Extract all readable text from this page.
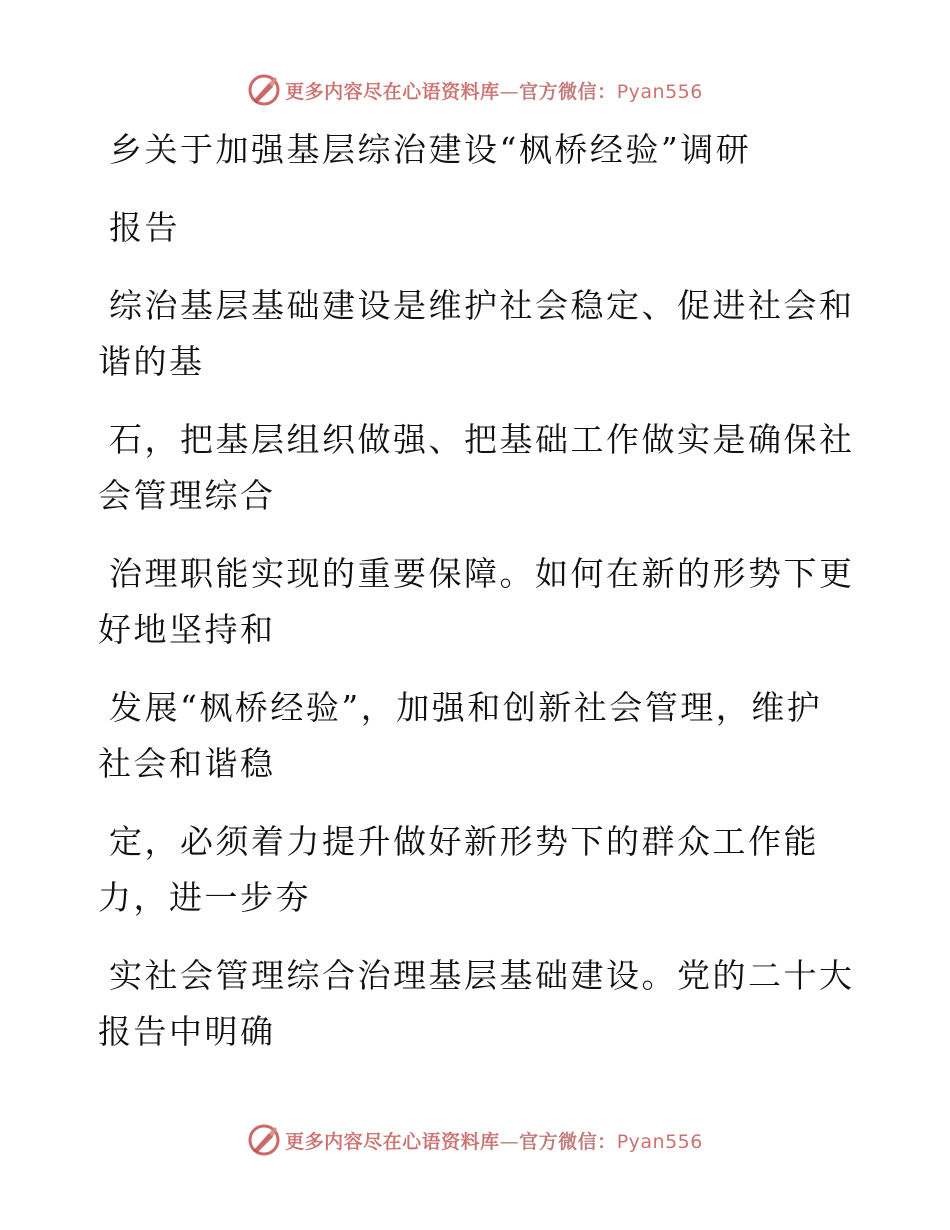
更多内容尽在心语资料库—官方微信：Pyan556
乡关于加强基层综治建设“枫桥经验”调研
报告
综治基层基础建设是维护社会稳定、促进社会和
谐的基
石，把基层组织做强、把基础工作做实是确保社
会管理综合
治理职能实现的重要保障。如何在新的形势下更
好地坚持和
发展“枫桥经验”，加强和创新社会管理，维护
社会和谐稳
定，必须着力提升做好新形势下的群众工作能
力，进一步夯
实社会管理综合治理基层基础建设。党的二十大
报告中明确
更多内容尽在心语资料库—官方微信：Pyan556
